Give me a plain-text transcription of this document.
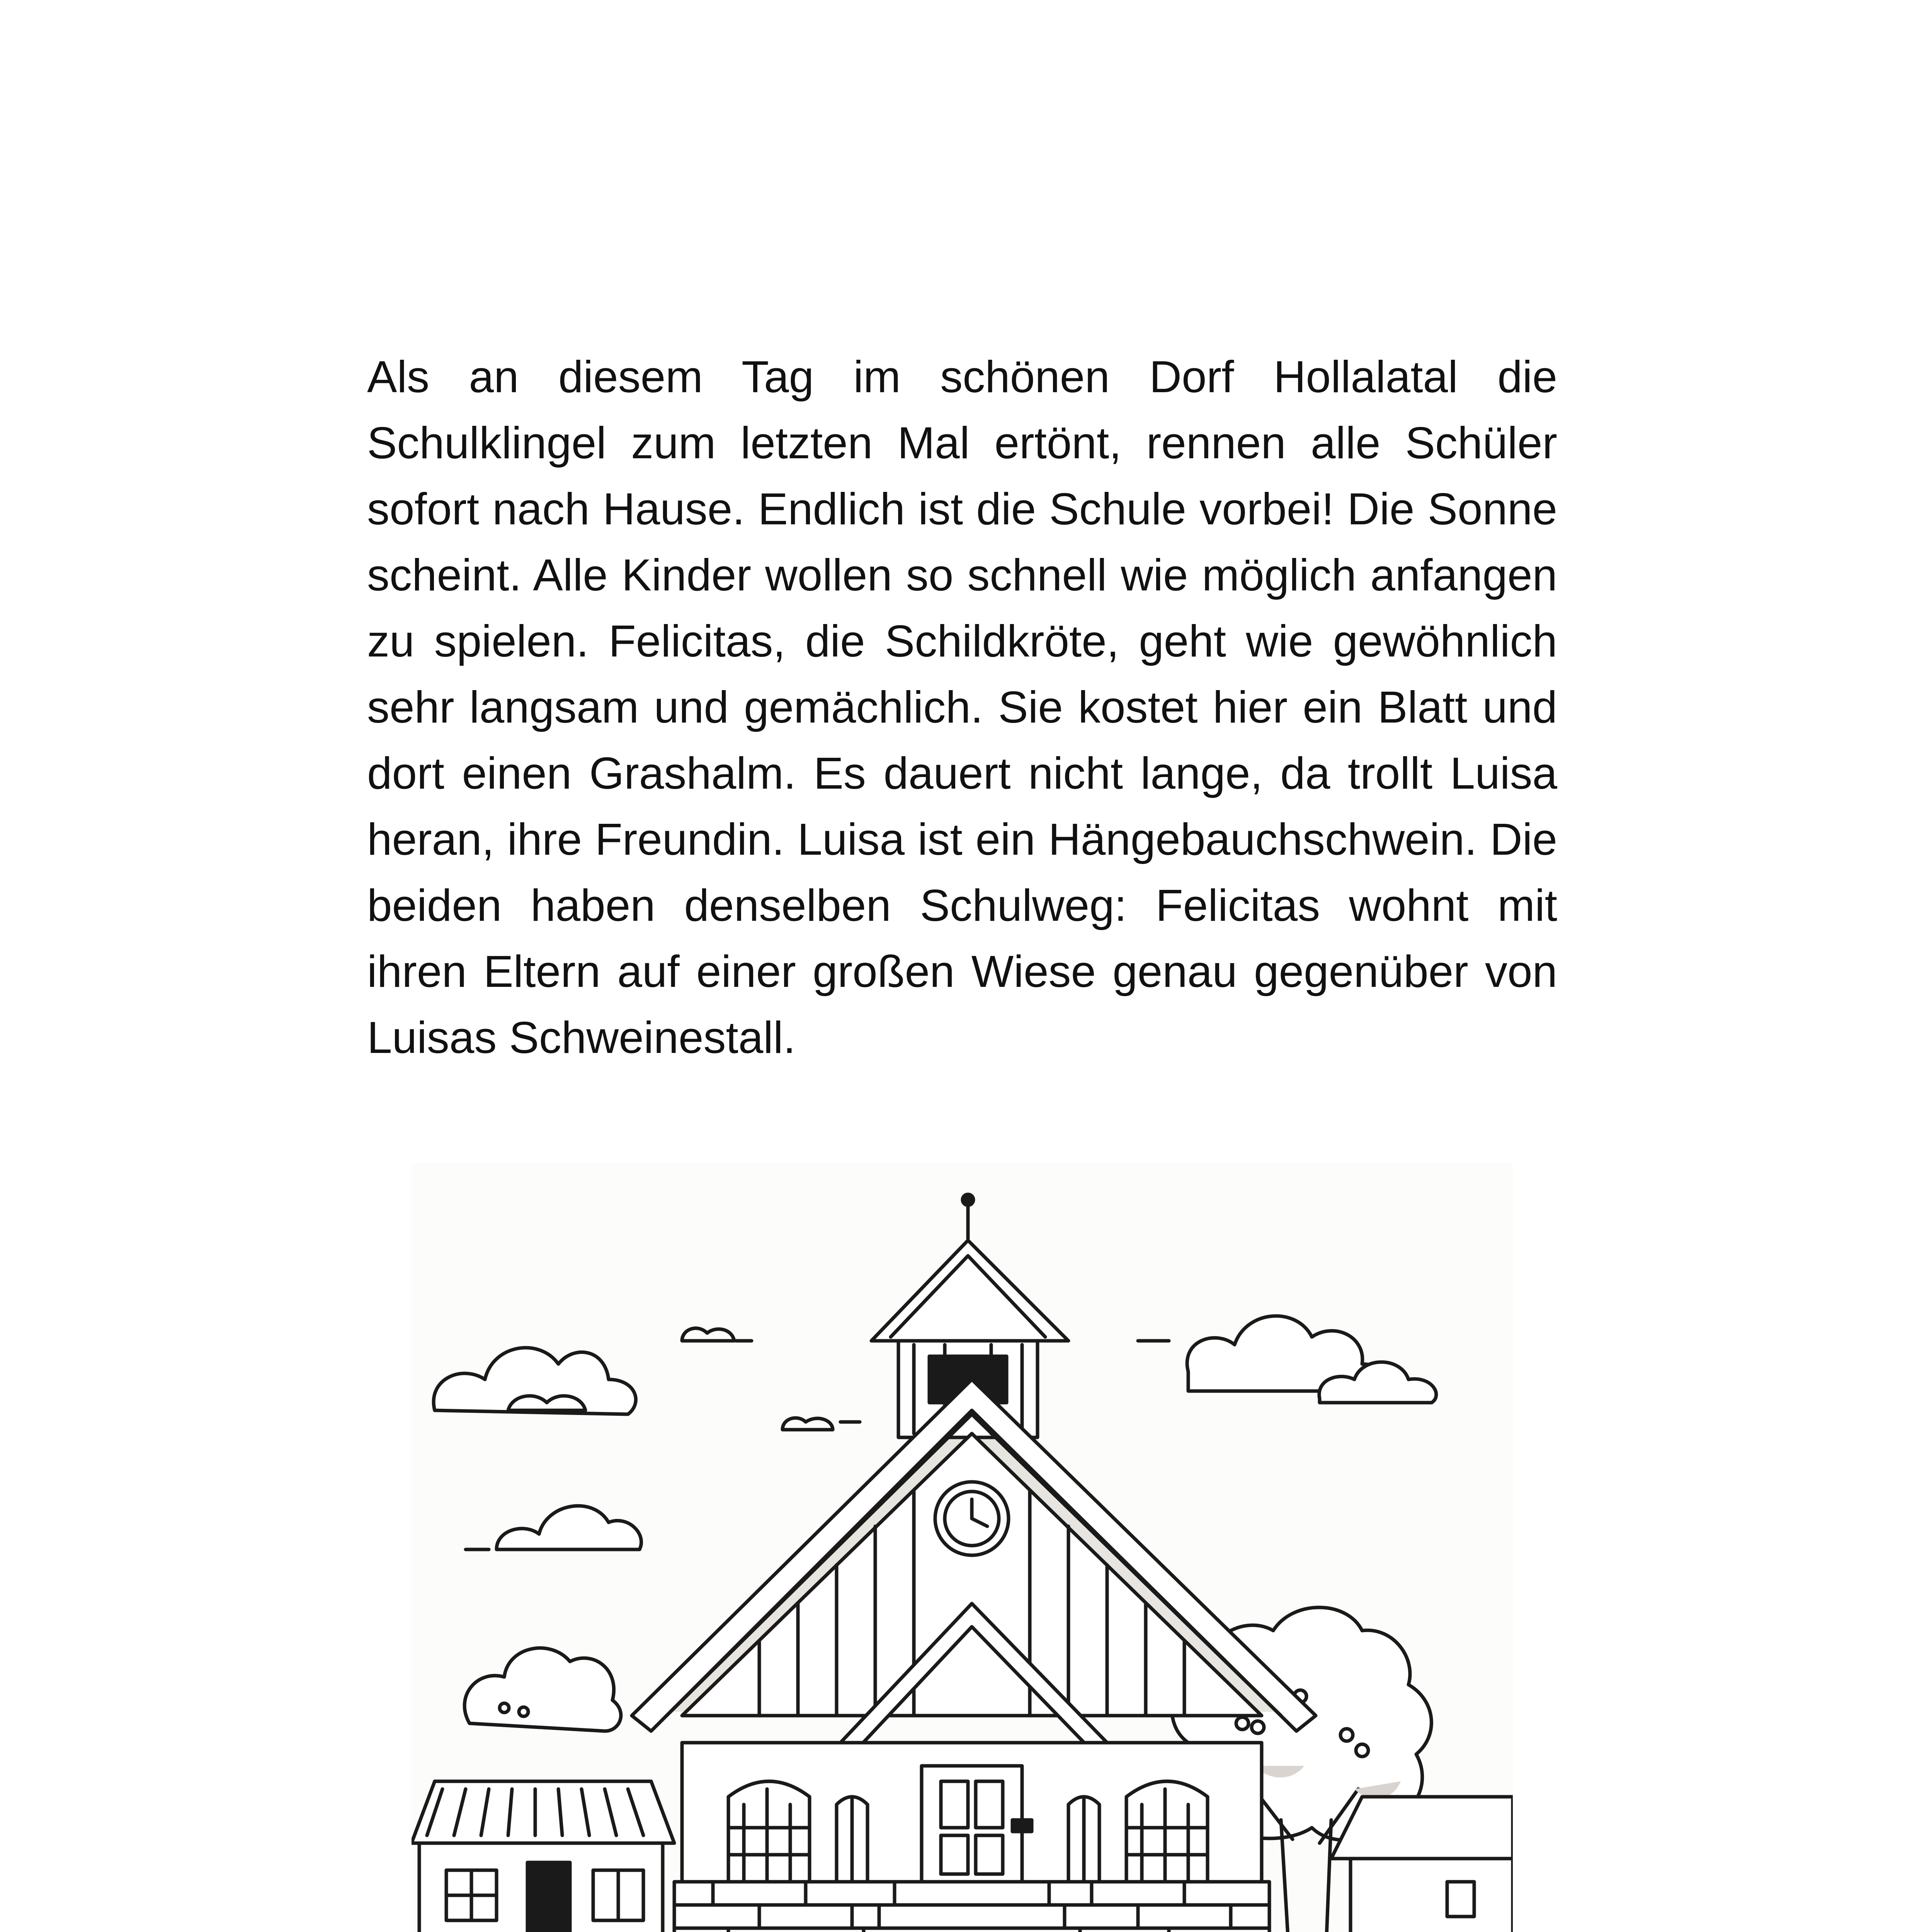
Als an diesem Tag im schönen Dorf Hollalatal die Schulklingel zum letzten Mal ertönt, rennen alle Schüler sofort nach Hause. Endlich ist die Schule vorbei! Die Sonne scheint. Alle Kinder wollen so schnell wie möglich anfangen zu spielen. Felicitas, die Schildkröte, geht wie gewöhnlich sehr langsam und gemächlich. Sie kostet hier ein Blatt und dort einen Grashalm. Es dauert nicht lange, da trollt Luisa heran, ihre Freundin. Luisa ist ein Hängebauchschwein. Die beiden haben denselben Schulweg: Felicitas wohnt mit ihren Eltern auf einer großen Wiese genau gegenüber von Luisas Schweinestall.
